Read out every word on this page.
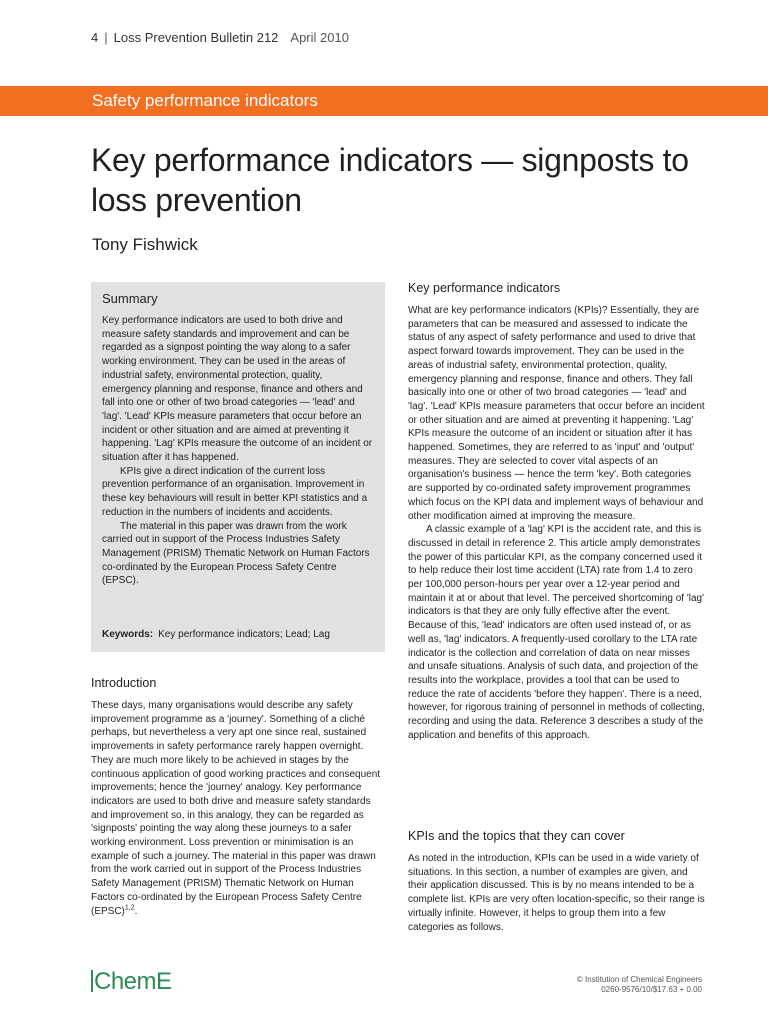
4 | Loss Prevention Bulletin 212 April 2010
Safety performance indicators
Key performance indicators — signposts to loss prevention
Tony Fishwick
Summary

Key performance indicators are used to both drive and measure safety standards and improvement and can be regarded as a signpost pointing the way along to a safer working environment. They can be used in the areas of industrial safety, environmental protection, quality, emergency planning and response, finance and others and fall into one or other of two broad categories — 'lead' and 'lag'. 'Lead' KPIs measure parameters that occur before an incident or other situation and are aimed at preventing it happening. 'Lag' KPIs measure the outcome of an incident or situation after it has happened.

KPIs give a direct indication of the current loss prevention performance of an organisation. Improvement in these key behaviours will result in better KPI statistics and a reduction in the numbers of incidents and accidents.

The material in this paper was drawn from the work carried out in support of the Process Industries Safety Management (PRISM) Thematic Network on Human Factors co-ordinated by the European Process Safety Centre (EPSC).

Keywords: Key performance indicators; Lead; Lag
Introduction

These days, many organisations would describe any safety improvement programme as a 'journey'. Something of a cliché perhaps, but nevertheless a very apt one since real, sustained improvements in safety performance rarely happen overnight. They are much more likely to be achieved in stages by the continuous application of good working practices and consequent improvements; hence the 'journey' analogy. Key performance indicators are used to both drive and measure safety standards and improvement so, in this analogy, they can be regarded as 'signposts' pointing the way along these journeys to a safer working environment. Loss prevention or minimisation is an example of such a journey. The material in this paper was drawn from the work carried out in support of the Process Industries Safety Management (PRISM) Thematic Network on Human Factors co-ordinated by the European Process Safety Centre (EPSC)$^{1,2}$.

Key performance indicators

What are key performance indicators (KPIs)? Essentially, they are parameters that can be measured and assessed to indicate the status of any aspect of safety performance and used to drive that aspect forward towards improvement. They can be used in the areas of industrial safety, environmental protection, quality, emergency planning and response, finance and others. They fall basically into one or other of two broad categories — 'lead' and 'lag'. 'Lead' KPIs measure parameters that occur before an incident or other situation and are aimed at preventing it happening. 'Lag' KPIs measure the outcome of an incident or situation after it has happened. Sometimes, they are referred to as 'input' and 'output' measures. They are selected to cover vital aspects of an organisation's business — hence the term 'key'. Both categories are supported by co-ordinated safety improvement programmes which focus on the KPI data and implement ways of behaviour and other modification aimed at improving the measure.

A classic example of a 'lag' KPI is the accident rate, and this is discussed in detail in reference 2. This article amply demonstrates the power of this particular KPI, as the company concerned used it to help reduce their lost time accident (LTA) rate from 1.4 to zero per 100,000 person-hours per year over a 12-year period and maintain it at or about that level. The perceived shortcoming of 'lag' indicators is that they are only fully effective after the event. Because of this, 'lead' indicators are often used instead of, or as well as, 'lag' indicators. A frequently-used corollary to the LTA rate indicator is the collection and correlation of data on near misses and unsafe situations. Analysis of such data, and projection of the results into the workplace, provides a tool that can be used to reduce the rate of accidents 'before they happen'. There is a need, however, for rigorous training of personnel in methods of collecting, recording and using the data. Reference 3 describes a study of the application and benefits of this approach.

KPIs and the topics that they can cover

As noted in the introduction, KPIs can be used in a wide variety of situations. In this section, a number of examples are given, and their application discussed. This is by no means intended to be a complete list. KPIs are very often location-specific, so their range is virtually infinite. However, it helps to group them into a few categories as follows.

ChemE	© Institution of Chemical Engineers
0260-9576/10/$17.63 + 0.00
